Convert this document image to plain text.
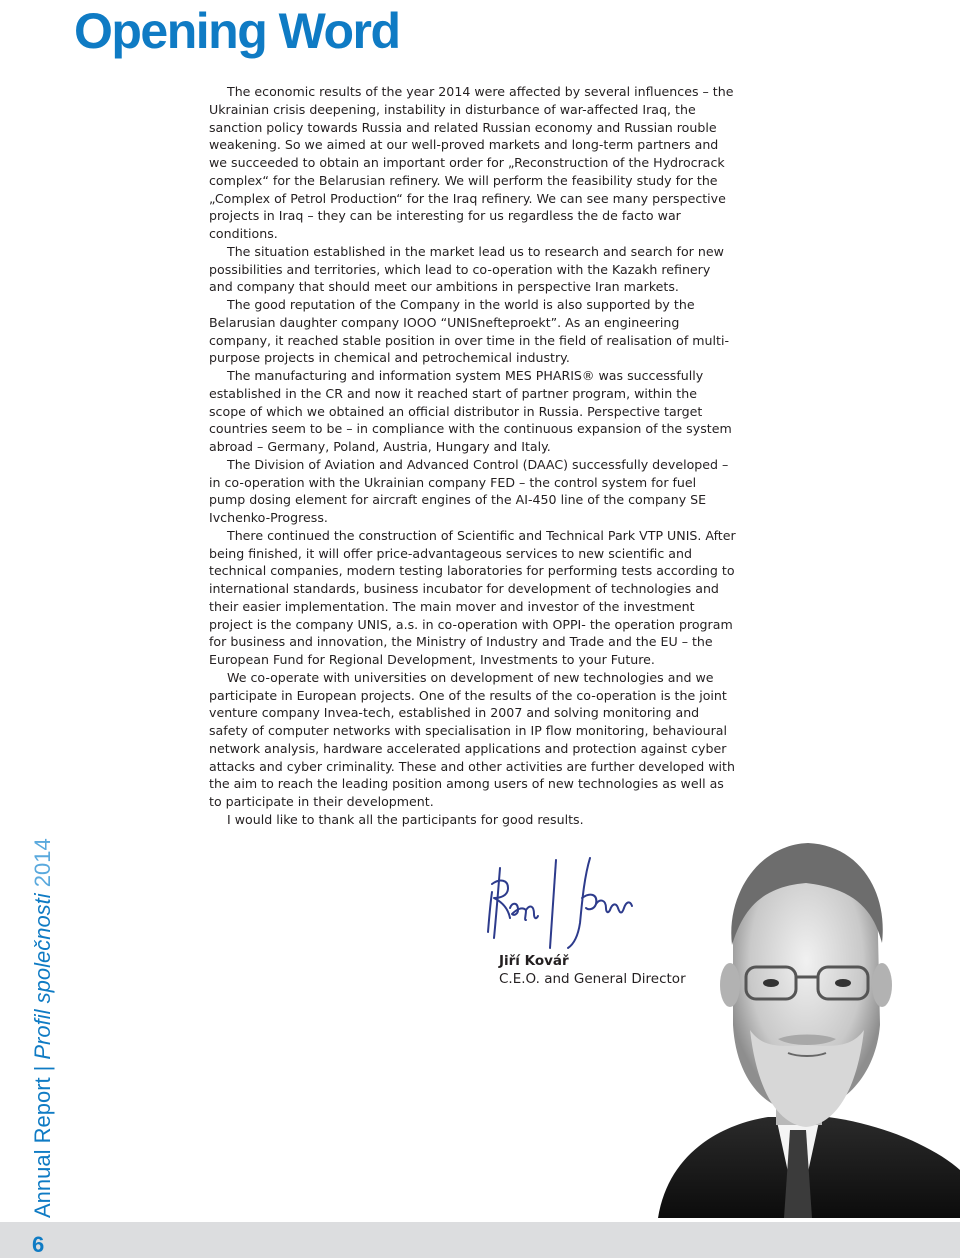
Opening Word
Annual Report|Profil společnosti 2014

The economic results of the year 2014 were affected by several influences – the Ukrainian crisis deepening, instability in disturbance of war-affected Iraq, the sanction policy towards Russia and related Russian economy and Russian rouble weakening. So we aimed at our well-proved markets and long-term partners and we succeeded to obtain an important order for „Reconstruction of the Hydrocrack complex“ for the Belarusian refinery. We will perform the feasibility study for the „Complex of Petrol Production“ for the Iraq refinery. We can see many perspective projects in Iraq – they can be interesting for us regardless the de facto war conditions.

The situation established in the market lead us to research and search for new possibilities and territories, which lead to co-operation with the Kazakh refinery and company that should meet our ambitions in perspective Iran markets.

The good reputation of the Company in the world is also supported by the Belarusian daughter company IOOO “UNISnefteproekt”. As an engineering company, it reached stable position in over time in the field of realisation of multi-purpose projects in chemical and petrochemical industry.

The manufacturing and information system MES PHARIS® was successfully established in the CR and now it reached start of partner program, within the scope of which we obtained an official distributor in Russia. Perspective target countries seem to be – in compliance with the continuous expansion of the system abroad – Germany, Poland, Austria, Hungary and Italy.

The Division of Aviation and Advanced Control (DAAC) successfully developed – in co-operation with the Ukrainian company FED – the control system for fuel pump dosing element for aircraft engines of the AI-450 line of the company SE Ivchenko-Progress.

There continued the construction of Scientific and Technical Park VTP UNIS. After being finished, it will offer price-advantageous services to new scientific and technical companies, modern testing laboratories for performing tests according to international standards, business incubator for development of technologies and their easier implementation. The main mover and investor of the investment project is the company UNIS, a.s. in co-operation with OPPI- the operation program for business and innovation, the Ministry of Industry and Trade and the EU – the European Fund for Regional Development, Investments to your Future.

We co-operate with universities on development of new technologies and we participate in European projects. One of the results of the co-operation is the joint venture company Invea-tech, established in 2007 and solving monitoring and safety of computer networks with specialisation in IP flow monitoring, behavioural network analysis, hardware accelerated applications and protection against cyber attacks and cyber criminality. These and other activities are further developed with the aim to reach the leading position among users of new technologies as well as to participate in their development.

I would like to thank all the participants for good results.

Jiří Kovář
C.E.O. and General Director
6
